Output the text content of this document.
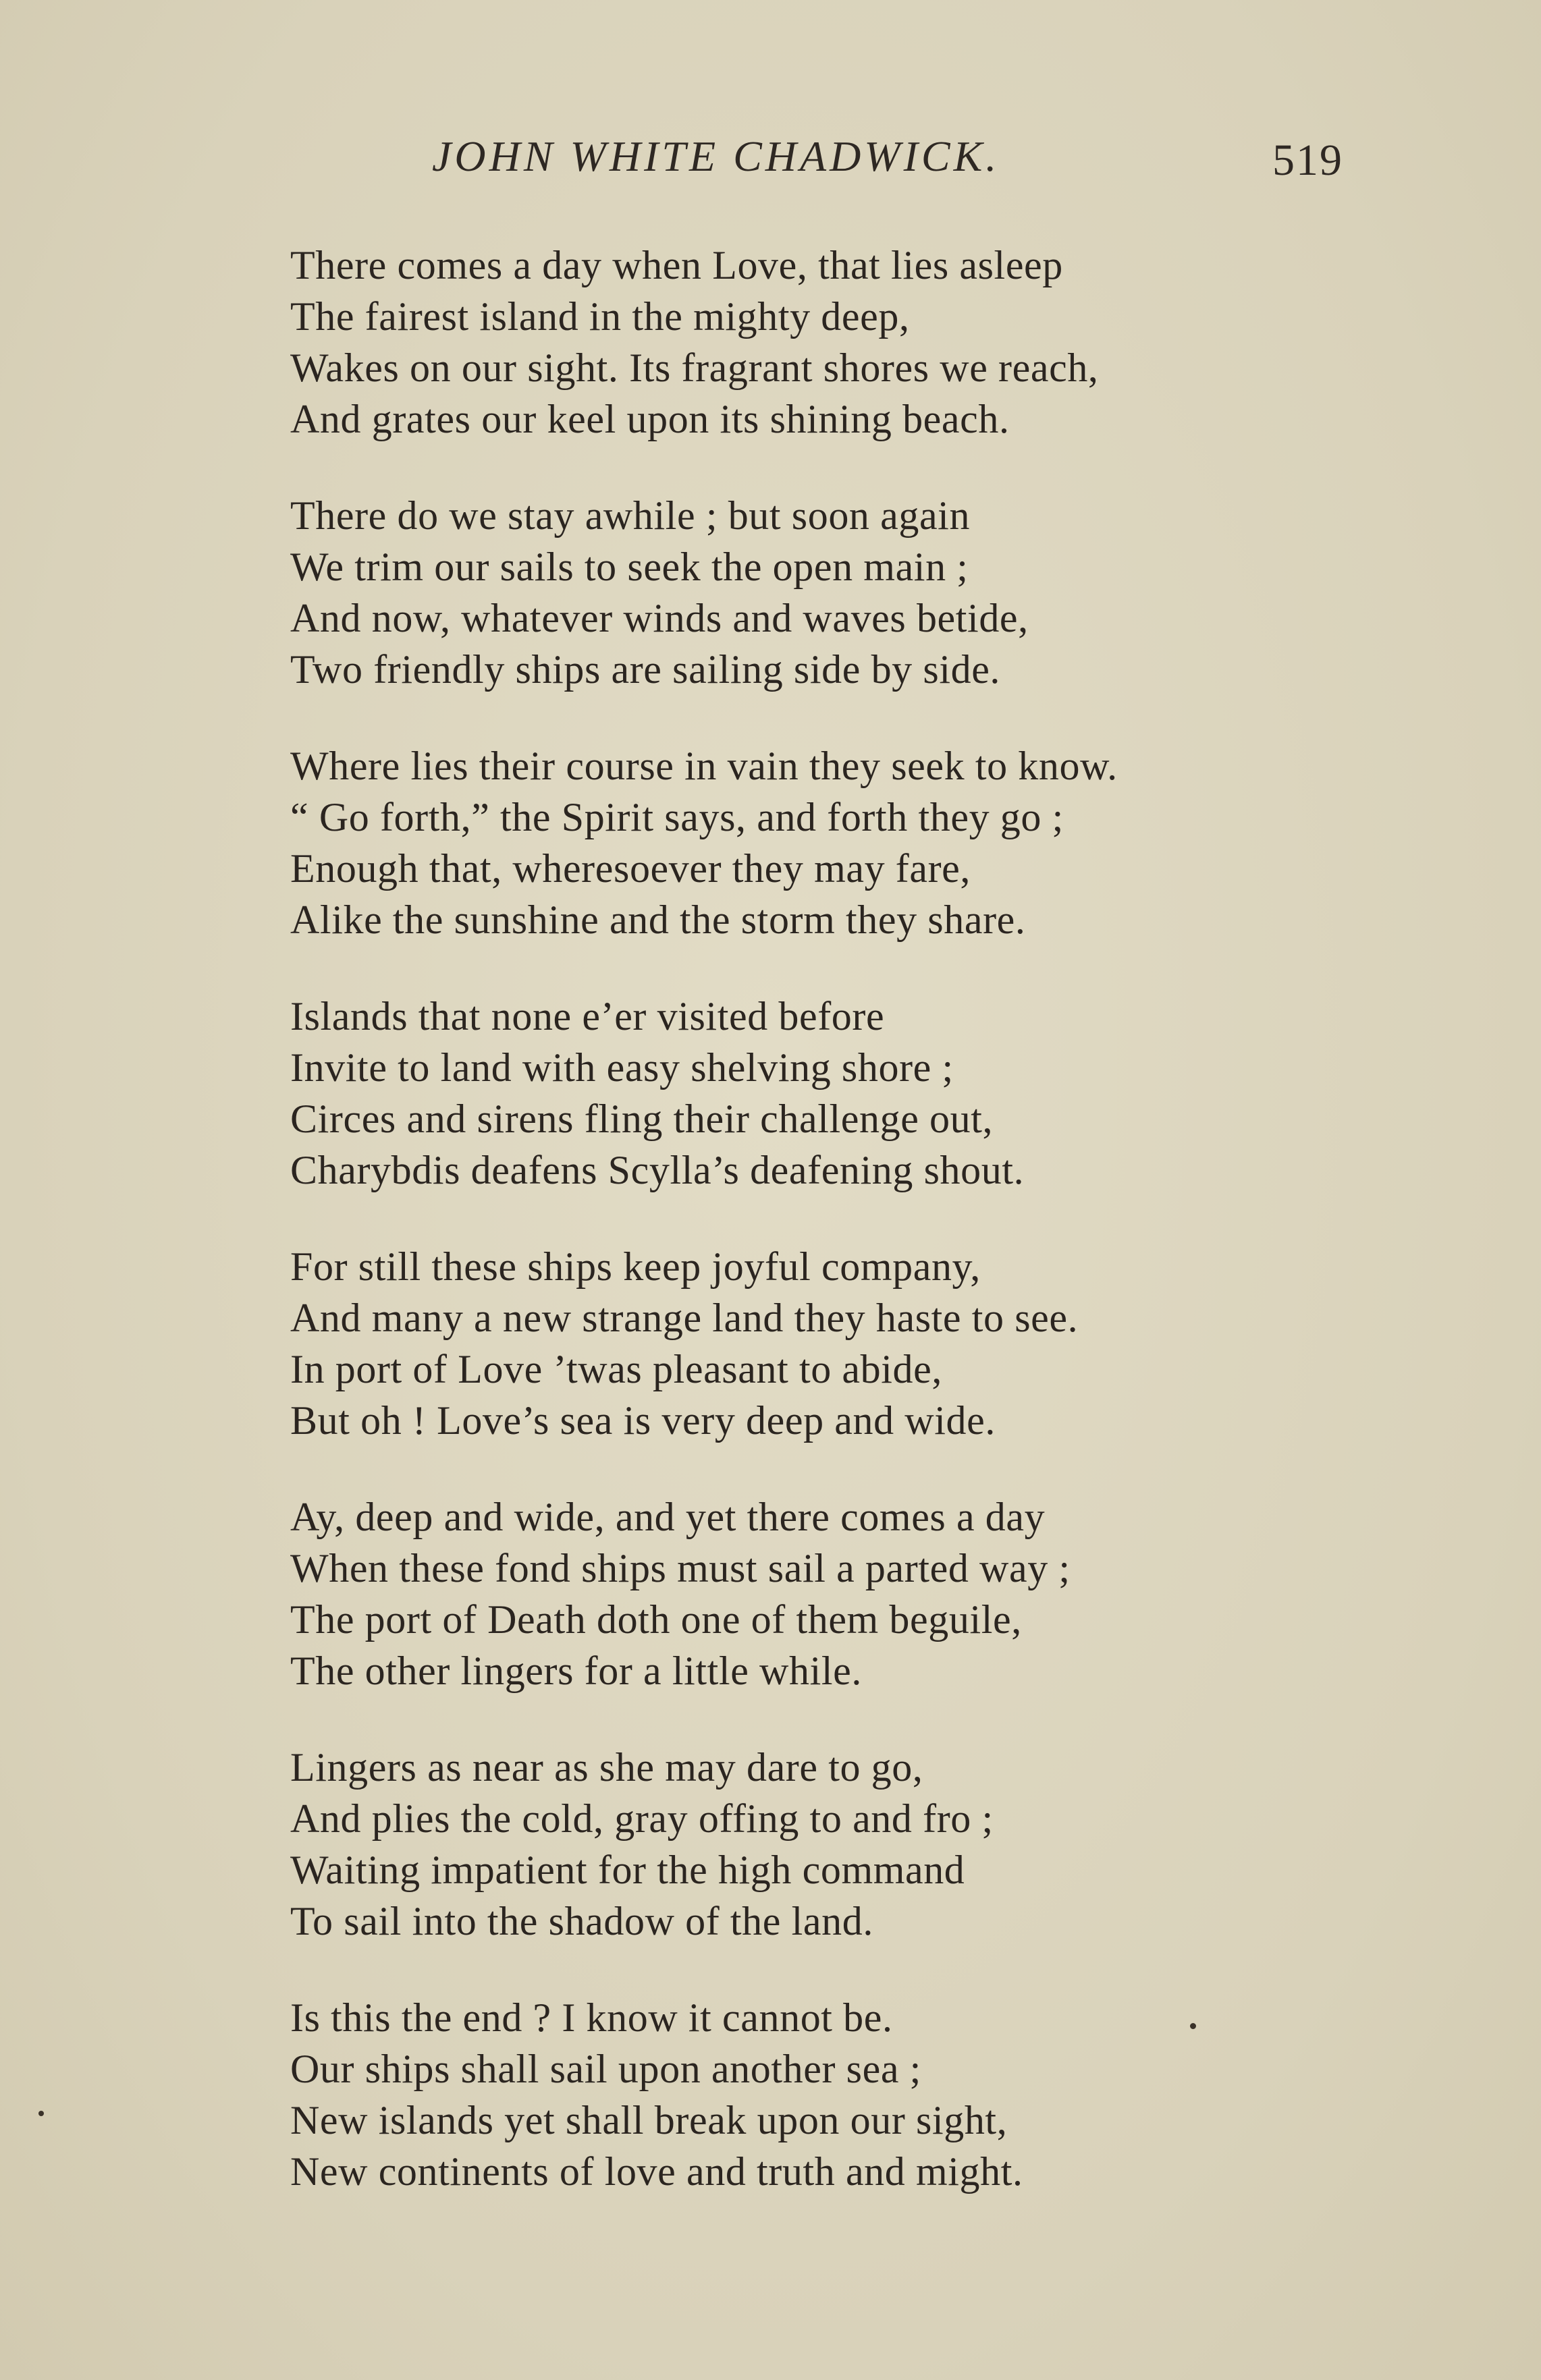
JOHN WHITE CHADWICK.	519
There comes a day when Love, that lies asleep
The fairest island in the mighty deep,
Wakes on our sight. Its fragrant shores we reach,
And grates our keel upon its shining beach.
There do we stay awhile ; but soon again
We trim our sails to seek the open main ;
And now, whatever winds and waves betide,
Two friendly ships are sailing side by side.
Where lies their course in vain they seek to know.
“ Go forth,” the Spirit says, and forth they go ;
Enough that, wheresoever they may fare,
Alike the sunshine and the storm they share.
Islands that none e’er visited before
Invite to land with easy shelving shore ;
Circes and sirens fling their challenge out,
Charybdis deafens Scylla’s deafening shout.
For still these ships keep joyful company,
And many a new strange land they haste to see.
In port of Love ’twas pleasant to abide,
But oh ! Love’s sea is very deep and wide.
Ay, deep and wide, and yet there comes a day
When these fond ships must sail a parted way ;
The port of Death doth one of them beguile,
The other lingers for a little while.
Lingers as near as she may dare to go,
And plies the cold, gray offing to and fro ;
Waiting impatient for the high command
To sail into the shadow of the land.
Is this the end ? I know it cannot be.
Our ships shall sail upon another sea ;
New islands yet shall break upon our sight,
New continents of love and truth and might.
